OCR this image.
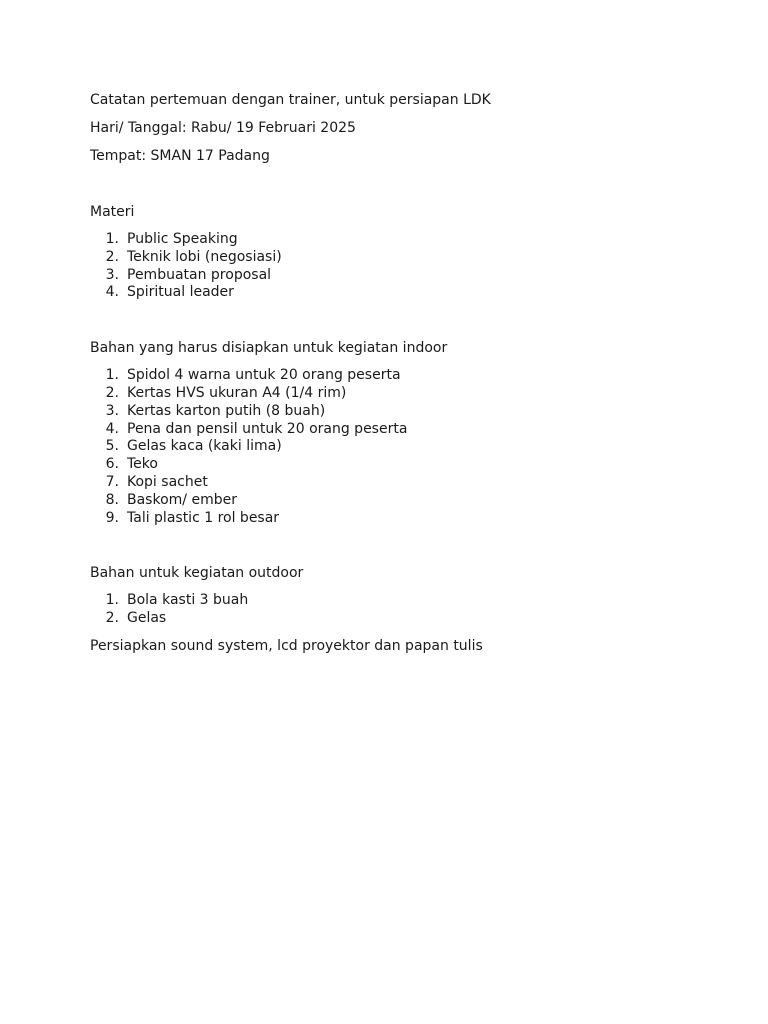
Catatan pertemuan dengan trainer, untuk persiapan LDK

Hari/ Tanggal: Rabu/ 19 Februari 2025

Tempat: SMAN 17 Padang

Materi

1. Public Speaking
2. Teknik lobi (negosiasi)
3. Pembuatan proposal
4. Spiritual leader

Bahan yang harus disiapkan untuk kegiatan indoor

1. Spidol 4 warna untuk 20 orang peserta
2. Kertas HVS ukuran A4 (1/4 rim)
3. Kertas karton putih (8 buah)
4. Pena dan pensil untuk 20 orang peserta
5. Gelas kaca (kaki lima)
6. Teko
7. Kopi sachet
8. Baskom/ ember
9. Tali plastic 1 rol besar

Bahan untuk kegiatan outdoor

1. Bola kasti 3 buah
2. Gelas

Persiapkan sound system, lcd proyektor dan papan tulis
